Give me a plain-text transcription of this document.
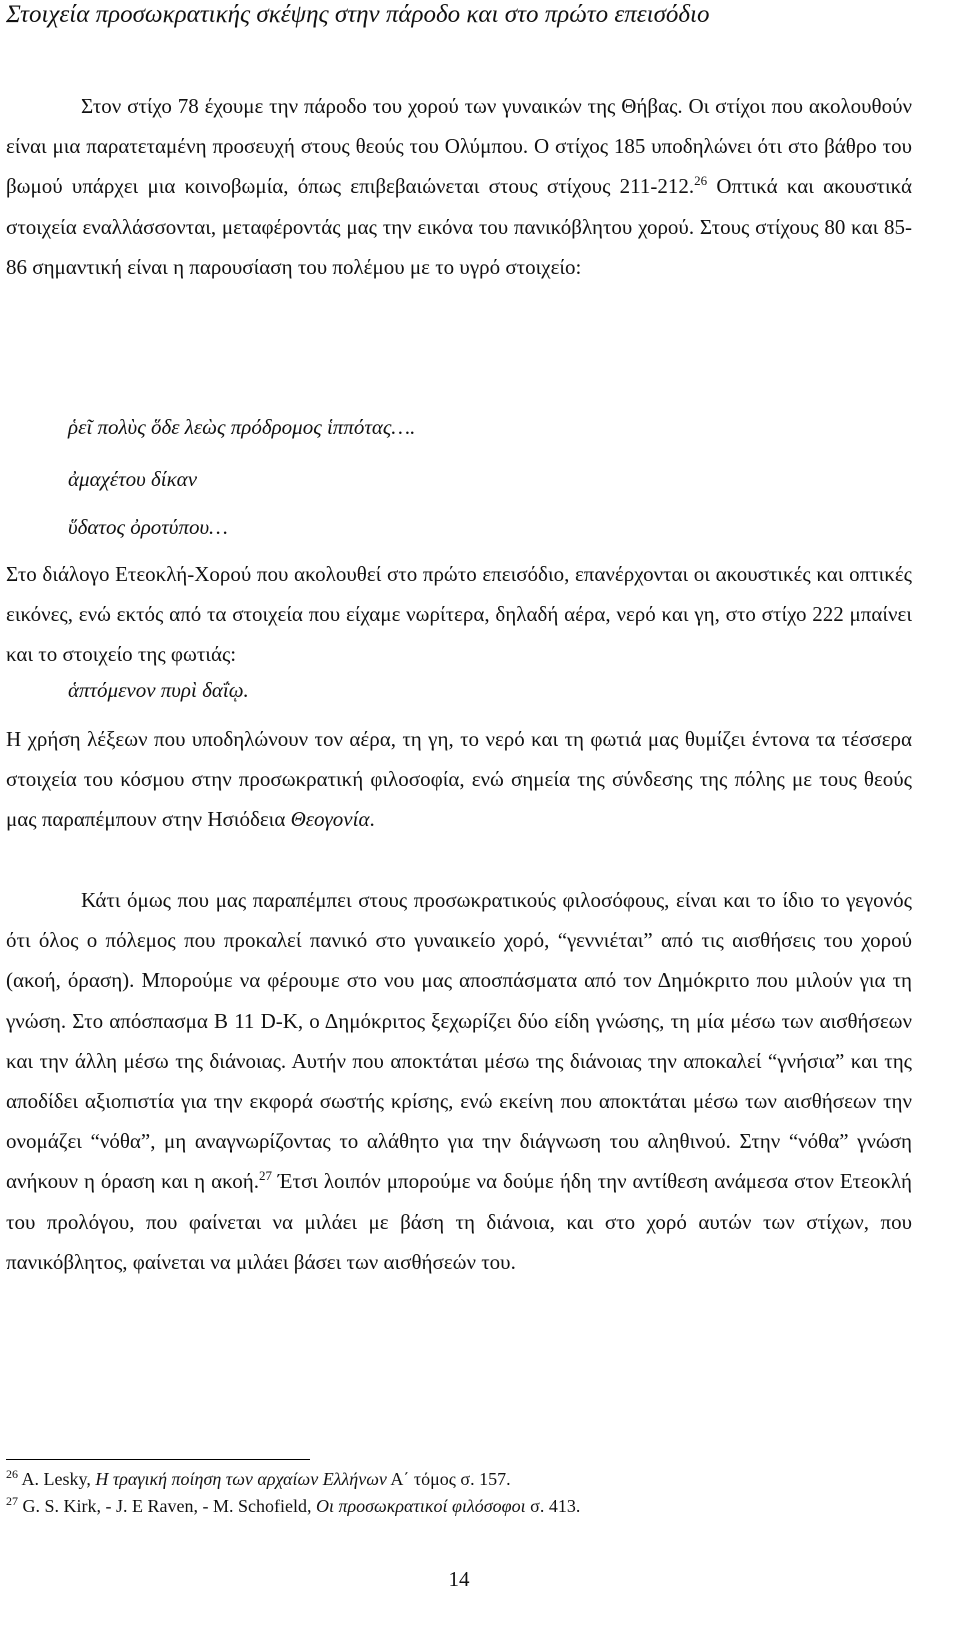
Στοιχεία προσωκρατικής σκέψης στην πάροδο και στο πρώτο επεισόδιο
Στον στίχο 78 έχουμε την πάροδο του χορού των γυναικών της Θήβας. Οι στίχοι που ακολουθούν είναι μια παρατεταμένη προσευχή στους θεούς του Ολύμπου. Ο στίχος 185 υποδηλώνει ότι στο βάθρο του βωμού υπάρχει μια κοινοβωμία, όπως επιβεβαιώνεται στους στίχους 211-212.26 Οπτικά και ακουστικά στοιχεία εναλλάσσονται, μεταφέροντάς μας την εικόνα του πανικόβλητου χορού. Στους στίχους 80 και 85-86 σημαντική είναι η παρουσίαση του πολέμου με το υγρό στοιχείο:
ῥεῖ πολὺς ὅδε λεὼς πρόδρομος ἱππότας….
ἀμαχέτου δίκαν
ὕδατος ὀροτύπου…
Στο διάλογο Ετεοκλή-Χορού που ακολουθεί στο πρώτο επεισόδιο, επανέρχονται οι ακουστικές και οπτικές εικόνες, ενώ εκτός από τα στοιχεία που είχαμε νωρίτερα, δηλαδή αέρα, νερό και γη, στο στίχο 222 μπαίνει και το στοιχείο της φωτιάς:
ἁπτόμενον πυρὶ δαΐῳ.
Η χρήση λέξεων που υποδηλώνουν τον αέρα, τη γη, το νερό και τη φωτιά μας θυμίζει έντονα τα τέσσερα στοιχεία του κόσμου στην προσωκρατική φιλοσοφία, ενώ σημεία της σύνδεσης της πόλης με τους θεούς μας παραπέμπουν στην Ησιόδεια Θεογονία.
Κάτι όμως που μας παραπέμπει στους προσωκρατικούς φιλοσόφους, είναι και το ίδιο το γεγονός ότι όλος ο πόλεμος που προκαλεί πανικό στο γυναικείο χορό, “γεννιέται” από τις αισθήσεις του χορού (ακοή, όραση). Μπορούμε να φέρουμε στο νου μας αποσπάσματα από τον Δημόκριτο που μιλούν για τη γνώση. Στο απόσπασμα Β 11 D-K, ο Δημόκριτος ξεχωρίζει δύο είδη γνώσης, τη μία μέσω των αισθήσεων και την άλλη μέσω της διάνοιας. Αυτήν που αποκτάται μέσω της διάνοιας την αποκαλεί “γνήσια” και της αποδίδει αξιοπιστία για την εκφορά σωστής κρίσης, ενώ εκείνη που αποκτάται μέσω των αισθήσεων την ονομάζει “νόθα”, μη αναγνωρίζοντας το αλάθητο για την διάγνωση του αληθινού. Στην “νόθα” γνώση ανήκουν η όραση και η ακοή.$^{27}$ Έτσι λοιπόν μπορούμε να δούμε ήδη την αντίθεση ανάμεσα στον Ετεοκλή του προλόγου, που φαίνεται να μιλάει με βάση τη διάνοια, και στο χορό αυτών των στίχων, που πανικόβλητος, φαίνεται να μιλάει βάσει των αισθήσεών του.
$^{26}$ A. Lesky, Η τραγική ποίηση των αρχαίων Ελλήνων Α΄ τόμος σ. 157.
$^{27}$ G. S. Kirk, - J. E Raven, - M. Schofield, Οι προσωκρατικοί φιλόσοφοι σ. 413.
14
